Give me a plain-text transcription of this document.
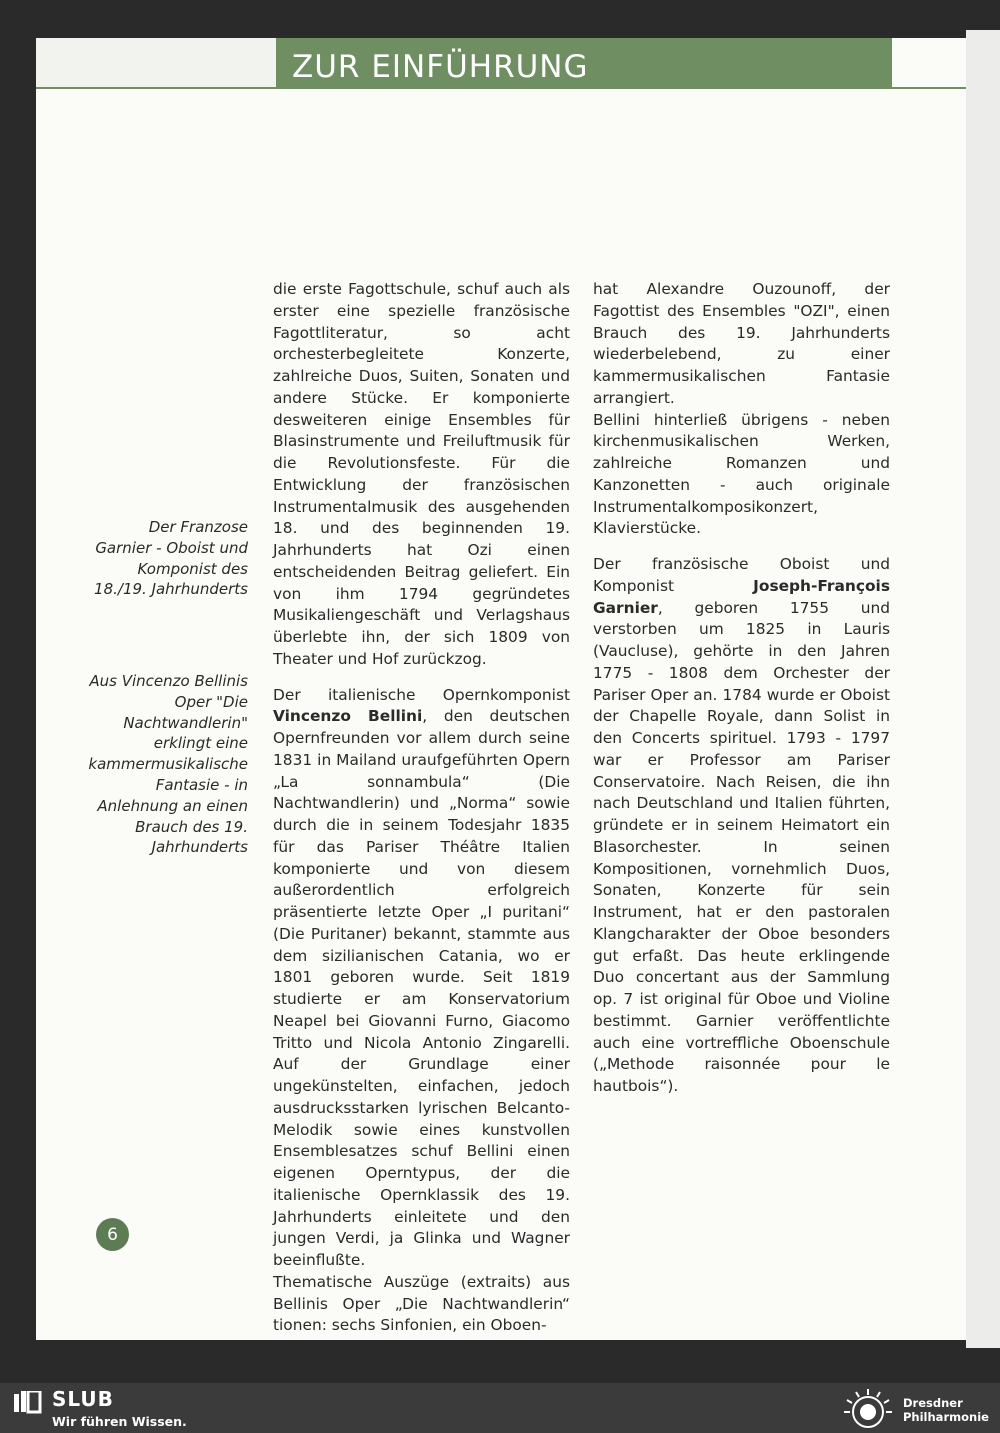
ZUR EINFÜHRUNG
Der Franzose Garnier - Oboist und Komponist des 18./19. Jahrhunderts
Aus Vincenzo Bellinis Oper "Die Nachtwandlerin" erklingt eine kammermusikalische Fantasie - in Anlehnung an einen Brauch des 19. Jahrhunderts

die erste Fagottschule, schuf auch als erster eine spezielle französische Fagottliteratur, so acht orchesterbegleitete Konzerte, zahlreiche Duos, Suiten, Sonaten und andere Stücke. Er komponierte desweiteren einige Ensembles für Blasinstrumente und Freiluftmusik für die Revolutionsfeste. Für die Entwicklung der französischen Instrumentalmusik des ausgehenden 18. und des beginnenden 19. Jahrhunderts hat Ozi einen entscheidenden Beitrag geliefert. Ein von ihm 1794 gegründetes Musikaliengeschäft und Verlagshaus überlebte ihn, der sich 1809 von Theater und Hof zurückzog.

Der italienische Opernkomponist Vincenzo Bellini, den deutschen Opernfreunden vor allem durch seine 1831 in Mailand uraufgeführten Opern „La sonnambula“ (Die Nachtwandlerin) und „Norma“ sowie durch die in seinem Todesjahr 1835 für das Pariser Théâtre Italien komponierte und von diesem außerordentlich erfolgreich präsentierte letzte Oper „I puritani“ (Die Puritaner) bekannt, stammte aus dem sizilianischen Catania, wo er 1801 geboren wurde. Seit 1819 studierte er am Konservatorium Neapel bei Giovanni Furno, Giacomo Tritto und Nicola Antonio Zingarelli. Auf der Grundlage einer ungekünstelten, einfachen, jedoch ausdrucksstarken lyrischen Belcanto-Melodik sowie eines kunstvollen Ensemblesatzes schuf Bellini einen eigenen Operntypus, der die italienische Opernklassik des 19. Jahrhunderts einleitete und den jungen Verdi, ja Glinka und Wagner beeinflußte.

Thematische Auszüge (extraits) aus Bellinis Oper „Die Nachtwandlerin“ tionen: sechs Sinfonien, ein Oboen-

hat Alexandre Ouzounoff, der Fagottist des Ensembles "OZI", einen Brauch des 19. Jahrhunderts wiederbelebend, zu einer kammermusikalischen Fantasie arrangiert.

Bellini hinterließ übrigens - neben kirchenmusikalischen Werken, zahlreiche Romanzen und Kanzonetten - auch originale Instrumentalkomposikonzert, Klavierstücke.

Der französische Oboist und Komponist	Joseph-François Garnier, geboren 1755 und verstorben um 1825 in Lauris (Vaucluse), gehörte in den Jahren 1775 - 1808 dem Orchester der Pariser Oper an. 1784 wurde er Oboist der Chapelle Royale, dann Solist in den Concerts spirituel. 1793 - 1797 war er Professor am Pariser Conservatoire. Nach Reisen, die ihn nach Deutschland und Italien führten, gründete er in seinem Heimatort ein Blasorchester. In seinen Kompositionen, vornehmlich Duos, Sonaten, Konzerte für sein Instrument, hat er den pastoralen Klangcharakter der Oboe besonders gut erfaßt. Das heute erklingende Duo concertant aus der Sammlung op. 7 ist original für Oboe und Violine bestimmt. Garnier veröffentlichte auch eine vortreffliche Oboenschule („Methode raisonnée pour le hautbois“).

6
SLUB
Wir führen Wissen.
Dresdner
Philharmonie
